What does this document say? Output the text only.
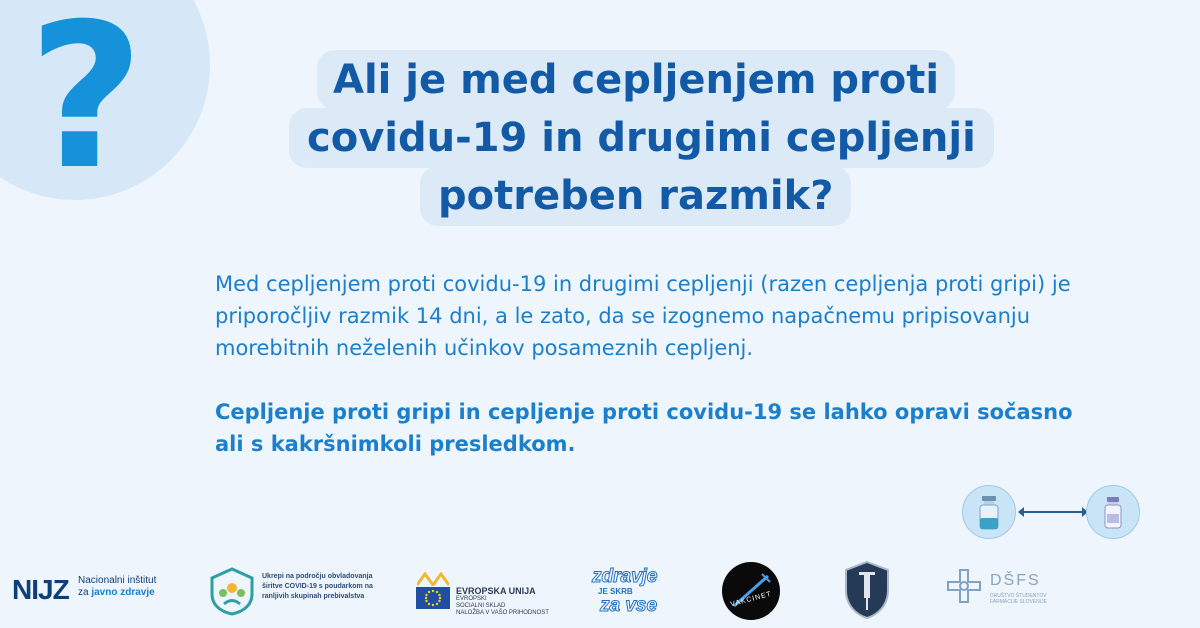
?	Ali je med cepljenjem proti
covidu-19 in drugimi cepljenji
potreben razmik?

Med cepljenjem proti covidu-19 in drugimi cepljenji (razen cepljenja proti gripi) je priporočljiv razmik 14 dni, a le zato, da se izognemo napačnemu pripisovanju morebitnih neželenih učinkov posameznih cepljenj.

Cepljenje proti gripi in cepljenje proti covidu-19 se lahko opravi sočasno ali s kakršnimkoli presledkom.

NIJZ Nacionalni inštitut
za javno zdravje
Ukrepi na področju obvladovanja
širitve COVID-19 s poudarkom na
ranljivih skupinah prebivalstva
EVROPSKA UNIJA
EVROPSKI
SOCIALNI SKLAD
NALOŽBA V VAŠO PRIHODNOST
zdravje
JE SKRB
za vse	VAKCINET
DŠFS
DRUŠTVO ŠTUDENTOV
FARMACIJE SLOVENIJE
